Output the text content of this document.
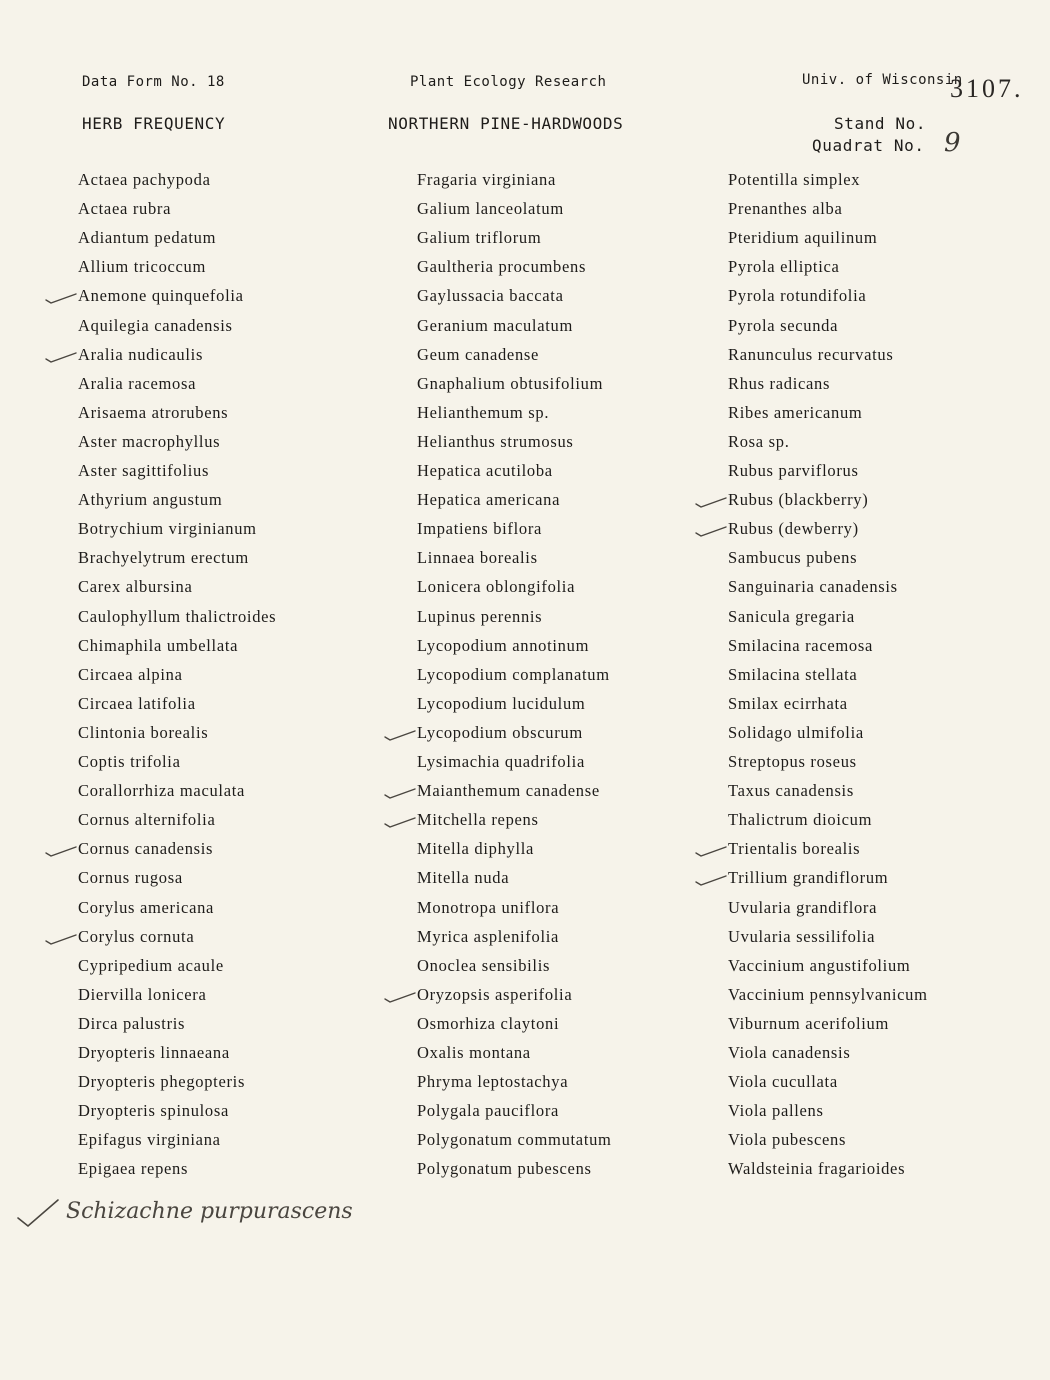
Data Form No. 18	Plant Ecology Research	Univ. of Wisconsin
3107.
HERB FREQUENCY	NORTHERN PINE-HARDWOODS	Stand No.
Quadrat No. 9
Actaea pachypoda
Actaea rubra
Adiantum pedatum
Allium tricoccum
Anemone quinquefolia
Aquilegia canadensis
Aralia nudicaulis
Aralia racemosa
Arisaema atrorubens
Aster macrophyllus
Aster sagittifolius
Athyrium angustum
Botrychium virginianum
Brachyelytrum erectum
Carex albursina
Caulophyllum thalictroides
Chimaphila umbellata
Circaea alpina
Circaea latifolia
Clintonia borealis
Coptis trifolia
Corallorrhiza maculata
Cornus alternifolia
Cornus canadensis
Cornus rugosa
Corylus americana
Corylus cornuta
Cypripedium acaule
Diervilla lonicera
Dirca palustris
Dryopteris linnaeana
Dryopteris phegopteris
Dryopteris spinulosa
Epifagus virginiana
Epigaea repens
Fragaria virginiana
Galium lanceolatum
Galium triflorum
Gaultheria procumbens
Gaylussacia baccata
Geranium maculatum
Geum canadense
Gnaphalium obtusifolium
Helianthemum sp.
Helianthus strumosus
Hepatica acutiloba
Hepatica americana
Impatiens biflora
Linnaea borealis
Lonicera oblongifolia
Lupinus perennis
Lycopodium annotinum
Lycopodium complanatum
Lycopodium lucidulum
Lycopodium obscurum
Lysimachia quadrifolia
Maianthemum canadense
Mitchella repens
Mitella diphylla
Mitella nuda
Monotropa uniflora
Myrica asplenifolia
Onoclea sensibilis
Oryzopsis asperifolia
Osmorhiza claytoni
Oxalis montana
Phryma leptostachya
Polygala pauciflora
Polygonatum commutatum
Polygonatum pubescens
Potentilla simplex
Prenanthes alba
Pteridium aquilinum
Pyrola elliptica
Pyrola rotundifolia
Pyrola secunda
Ranunculus recurvatus
Rhus radicans
Ribes americanum
Rosa sp.
Rubus parviflorus
Rubus (blackberry)
Rubus (dewberry)
Sambucus pubens
Sanguinaria canadensis
Sanicula gregaria
Smilacina racemosa
Smilacina stellata
Smilax ecirrhata
Solidago ulmifolia
Streptopus roseus
Taxus canadensis
Thalictrum dioicum
Trientalis borealis
Trillium grandiflorum
Uvularia grandiflora
Uvularia sessilifolia
Vaccinium angustifolium
Vaccinium pennsylvanicum
Viburnum acerifolium
Viola canadensis
Viola cucullata
Viola pallens
Viola pubescens
Waldsteinia fragarioides
Schizachne purpurascens
